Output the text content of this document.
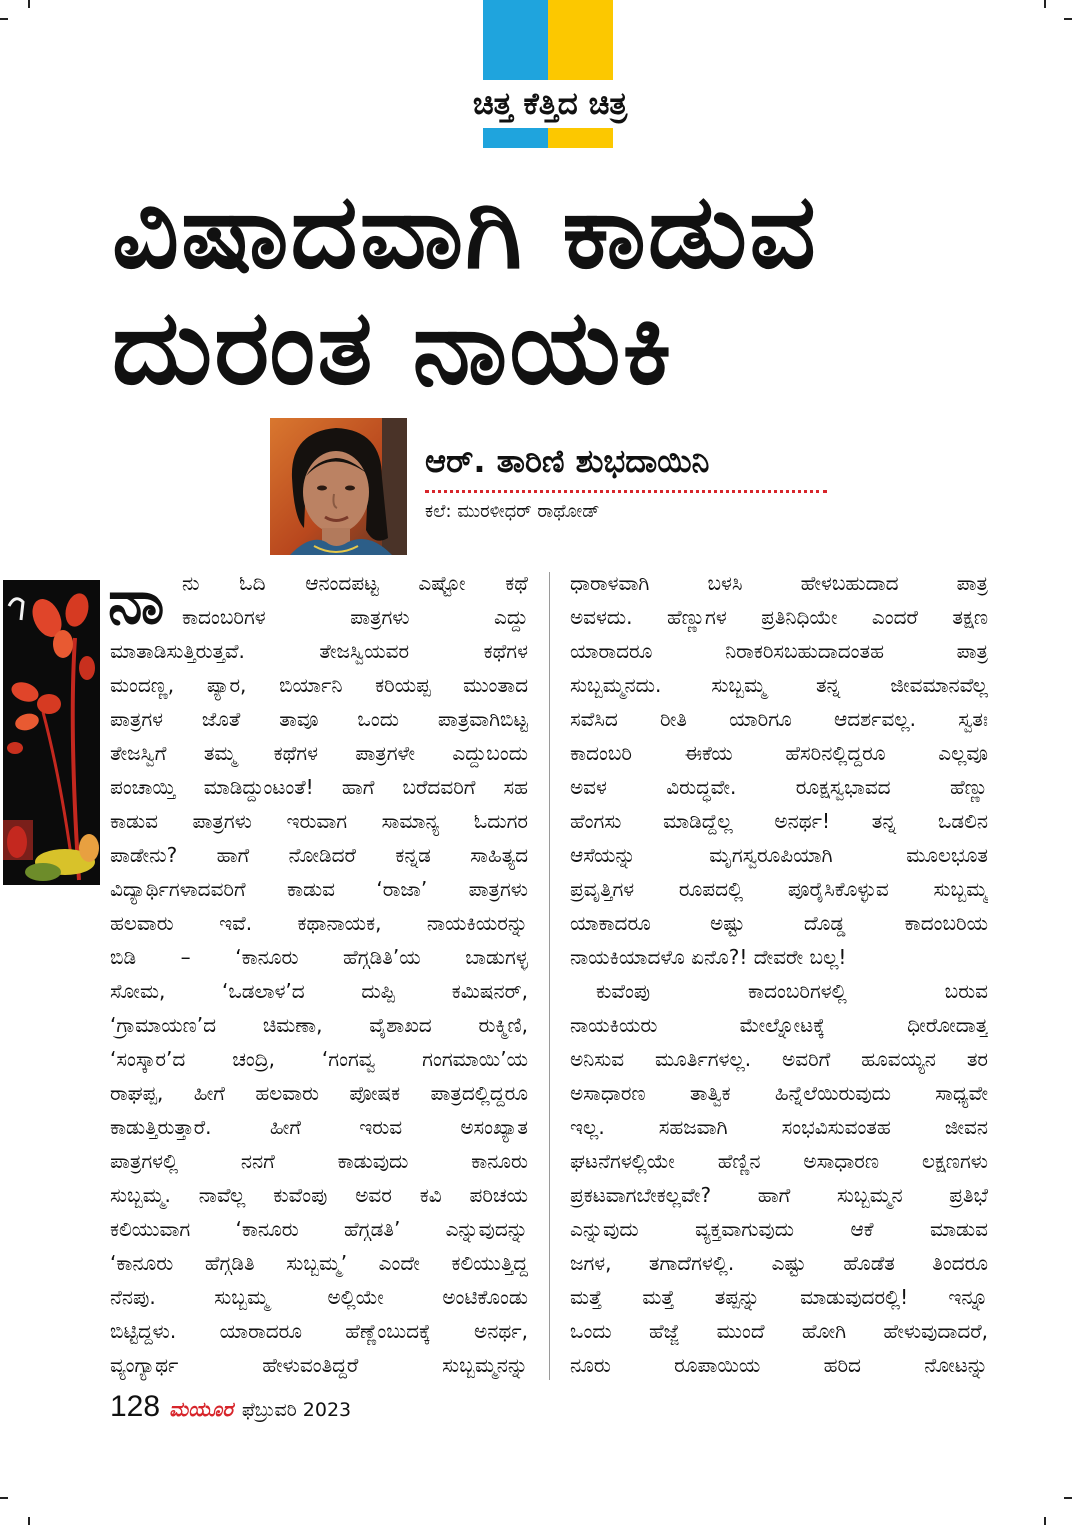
ಚಿತ್ತ ಕೆತ್ತಿದ ಚಿತ್ರ
ವಿಷಾದವಾಗಿ ಕಾಡುವ
ದುರಂತ ನಾಯಕಿ
ಆರ್. ತಾರಿಣಿ ಶುಭದಾಯಿನಿ
ಕಲೆ: ಮುರಳೀಧರ್ ರಾಥೋಡ್
ನಾ ನು ಓದಿ ಆನಂದಪಟ್ಟ ಎಷ್ಟೋ ಕಥೆ
ಕಾದಂಬರಿಗಳ ಪಾತ್ರಗಳು ಎದ್ದು
ಮಾತಾಡಿಸುತ್ತಿರುತ್ತವೆ. ತೇಜಸ್ವಿಯವರ ಕಥೆಗಳ
ಮಂದಣ್ಣ, ಪ್ಯಾರ, ಬಿರ್ಯಾನಿ ಕರಿಯಪ್ಪ ಮುಂತಾದ
ಪಾತ್ರಗಳ ಜೊತೆ ತಾವೂ ಒಂದು ಪಾತ್ರವಾಗಿಬಿಟ್ಟ
ತೇಜಸ್ವಿಗೆ ತಮ್ಮ ಕಥೆಗಳ ಪಾತ್ರಗಳೇ ಎದ್ದುಬಂದು
ಪಂಚಾಯ್ತಿ ಮಾಡಿದ್ದುಂಟಂತೆ! ಹಾಗೆ ಬರೆದವರಿಗೆ ಸಹ
ಕಾಡುವ ಪಾತ್ರಗಳು ಇರುವಾಗ ಸಾಮಾನ್ಯ ಓದುಗರ
ಪಾಡೇನು? ಹಾಗೆ ನೋಡಿದರೆ ಕನ್ನಡ ಸಾಹಿತ್ಯದ
ವಿದ್ಯಾರ್ಥಿಗಳಾದವರಿಗೆ ಕಾಡುವ ‘ರಾಜಾ’ ಪಾತ್ರಗಳು
ಹಲವಾರು ಇವೆ. ಕಥಾನಾಯಕ, ನಾಯಕಿಯರನ್ನು
ಬಿಡಿ – ‘ಕಾನೂರು ಹೆಗ್ಗಡಿತಿ’ಯ ಬಾಡುಗಳ್ಳ
ಸೋಮ, ‘ಒಡಲಾಳ’ದ ದುಪ್ಪಿ ಕಮಿಷನರ್,
‘ಗ್ರಾಮಾಯಣ’ದ ಚಿಮಣಾ, ವೈಶಾಖದ ರುಕ್ಮಿಣಿ,
‘ಸಂಸ್ಕಾರ’ದ ಚಂದ್ರಿ, ‘ಗಂಗವ್ವ ಗಂಗಮಾಯಿ’ಯ
ರಾಘಪ್ಪ, ಹೀಗೆ ಹಲವಾರು ಪೋಷಕ ಪಾತ್ರದಲ್ಲಿದ್ದರೂ
ಕಾಡುತ್ತಿರುತ್ತಾರೆ. ಹೀಗೆ ಇರುವ ಅಸಂಖ್ಯಾತ
ಪಾತ್ರಗಳಲ್ಲಿ ನನಗೆ ಕಾಡುವುದು ಕಾನೂರು
ಸುಬ್ಬಮ್ಮ. ನಾವೆಲ್ಲ ಕುವೆಂಪು ಅವರ ಕವಿ ಪರಿಚಯ
ಕಲಿಯುವಾಗ ‘ಕಾನೂರು ಹೆಗ್ಗಡತಿ’ ಎನ್ನುವುದನ್ನು
‘ಕಾನೂರು ಹೆಗ್ಗಡಿತಿ ಸುಬ್ಬಮ್ಮ’ ಎಂದೇ ಕಲಿಯುತ್ತಿದ್ದ
ನೆನಪು. ಸುಬ್ಬಮ್ಮ ಅಲ್ಲಿಯೇ ಅಂಟಿಕೊಂಡು
ಬಿಟ್ಟಿದ್ದಳು. ಯಾರಾದರೂ ಹೆಣ್ಣೆಂಬುದಕ್ಕೆ ಅನರ್ಥ,
ವ್ಯಂಗ್ಯಾರ್ಥ ಹೇಳುವಂತಿದ್ದರೆ ಸುಬ್ಬಮ್ಮನನ್ನು
ಧಾರಾಳವಾಗಿ ಬಳಸಿ ಹೇಳಬಹುದಾದ ಪಾತ್ರ
ಅವಳದು. ಹೆಣ್ಣುಗಳ ಪ್ರತಿನಿಧಿಯೇ ಎಂದರೆ ತಕ್ಷಣ
ಯಾರಾದರೂ ನಿರಾಕರಿಸಬಹುದಾದಂತಹ ಪಾತ್ರ
ಸುಬ್ಬಮ್ಮನದು. ಸುಬ್ಬಮ್ಮ ತನ್ನ ಜೀವಮಾನವೆಲ್ಲ
ಸವೆಸಿದ ರೀತಿ ಯಾರಿಗೂ ಆದರ್ಶವಲ್ಲ. ಸ್ವತಃ
ಕಾದಂಬರಿ ಈಕೆಯ ಹೆಸರಿನಲ್ಲಿದ್ದರೂ ಎಲ್ಲವೂ
ಅವಳ ವಿರುದ್ಧವೇ. ರೂಕ್ಷಸ್ವಭಾವದ ಹೆಣ್ಣು
ಹೆಂಗಸು ಮಾಡಿದ್ದೆಲ್ಲ ಅನರ್ಥ! ತನ್ನ ಒಡಲಿನ
ಆಸೆಯನ್ನು ಮೃಗಸ್ವರೂಪಿಯಾಗಿ ಮೂಲಭೂತ
ಪ್ರವೃತ್ತಿಗಳ ರೂಪದಲ್ಲಿ ಪೂರೈಸಿಕೊಳ್ಳುವ ಸುಬ್ಬಮ್ಮ
ಯಾಕಾದರೂ ಅಷ್ಟು ದೊಡ್ಡ ಕಾದಂಬರಿಯ
ನಾಯಕಿಯಾದಳೊ ಏನೊ?! ದೇವರೇ ಬಲ್ಲ!
ಕುವೆಂಪು ಕಾದಂಬರಿಗಳಲ್ಲಿ ಬರುವ
ನಾಯಕಿಯರು ಮೇಲ್ನೋಟಕ್ಕೆ ಧೀರೋದಾತ್ತ
ಅನಿಸುವ ಮೂರ್ತಿಗಳಲ್ಲ. ಅವರಿಗೆ ಹೂವಯ್ಯನ ತರ
ಅಸಾಧಾರಣ ತಾತ್ವಿಕ ಹಿನ್ನೆಲೆಯಿರುವುದು ಸಾಧ್ಯವೇ
ಇಲ್ಲ. ಸಹಜವಾಗಿ ಸಂಭವಿಸುವಂತಹ ಜೀವನ
ಘಟನೆಗಳಲ್ಲಿಯೇ ಹೆಣ್ಣಿನ ಅಸಾಧಾರಣ ಲಕ್ಷಣಗಳು
ಪ್ರಕಟವಾಗಬೇಕಲ್ಲವೇ? ಹಾಗೆ ಸುಬ್ಬಮ್ಮನ ಪ್ರತಿಭೆ
ಎನ್ನುವುದು ವ್ಯಕ್ತವಾಗುವುದು ಆಕೆ ಮಾಡುವ
ಜಗಳ, ತಗಾದೆಗಳಲ್ಲಿ. ಎಷ್ಟು ಹೊಡೆತ ತಿಂದರೂ
ಮತ್ತೆ ಮತ್ತೆ ತಪ್ಪನ್ನು ಮಾಡುವುದರಲ್ಲಿ! ಇನ್ನೂ
ಒಂದು ಹೆಜ್ಜೆ ಮುಂದೆ ಹೋಗಿ ಹೇಳುವುದಾದರೆ,
ನೂರು ರೂಪಾಯಿಯ ಹರಿದ ನೋಟನ್ನು
128 ಮಯೂರ ಫೆಬ್ರುವರಿ 2023
